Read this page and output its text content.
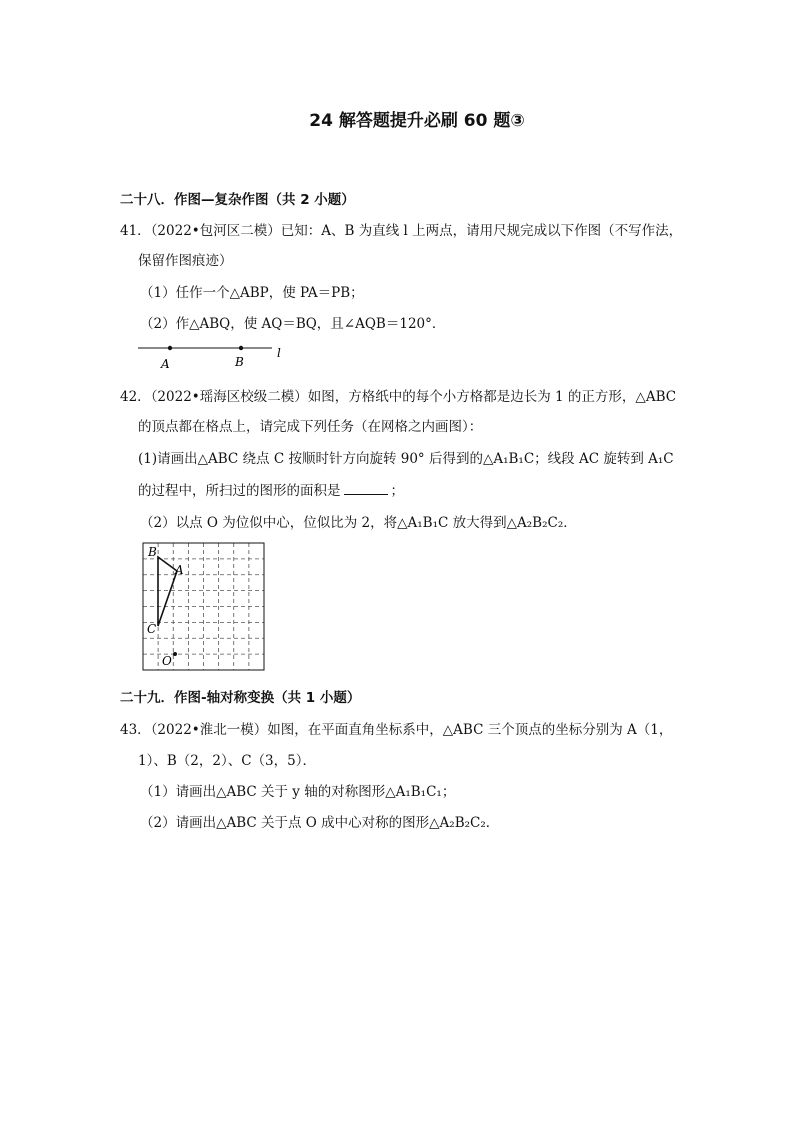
24 解答题提升必刷 60 题③
二十八．作图—复杂作图（共 2 小题）
41．（2022•包河区二模）已知：A、B 为直线 l 上两点，请用尺规完成以下作图（不写作法，
保留作图痕迹）
（1）任作一个△ABP，使 PA＝PB；
（2）作△ABQ，使 AQ＝BQ，且∠AQB＝120°．
A	B
l
42．（2022•瑶海区校级二模）如图，方格纸中的每个小方格都是边长为 1 的正方形，△ABC
的顶点都在格点上，请完成下列任务（在网格之内画图）：
(1)请画出△ABC 绕点 C 按顺时针方向旋转 90° 后得到的△A₁B₁C；线段 AC 旋转到 A₁C
的过程中，所扫过的图形的面积是	；
（2）以点 O 为位似中心，位似比为 2，将△A₁B₁C 放大得到△A₂B₂C₂．
B
A
C
O
二十九．作图-轴对称变换（共 1 小题）
43．（2022•淮北一模）如图，在平面直角坐标系中，△ABC 三个顶点的坐标分别为 A（1，
1）、B（2，2）、C（3，5）．
（1）请画出△ABC 关于 y 轴的对称图形△A₁B₁C₁；
（2）请画出△ABC 关于点 O 成中心对称的图形△A₂B₂C₂．
